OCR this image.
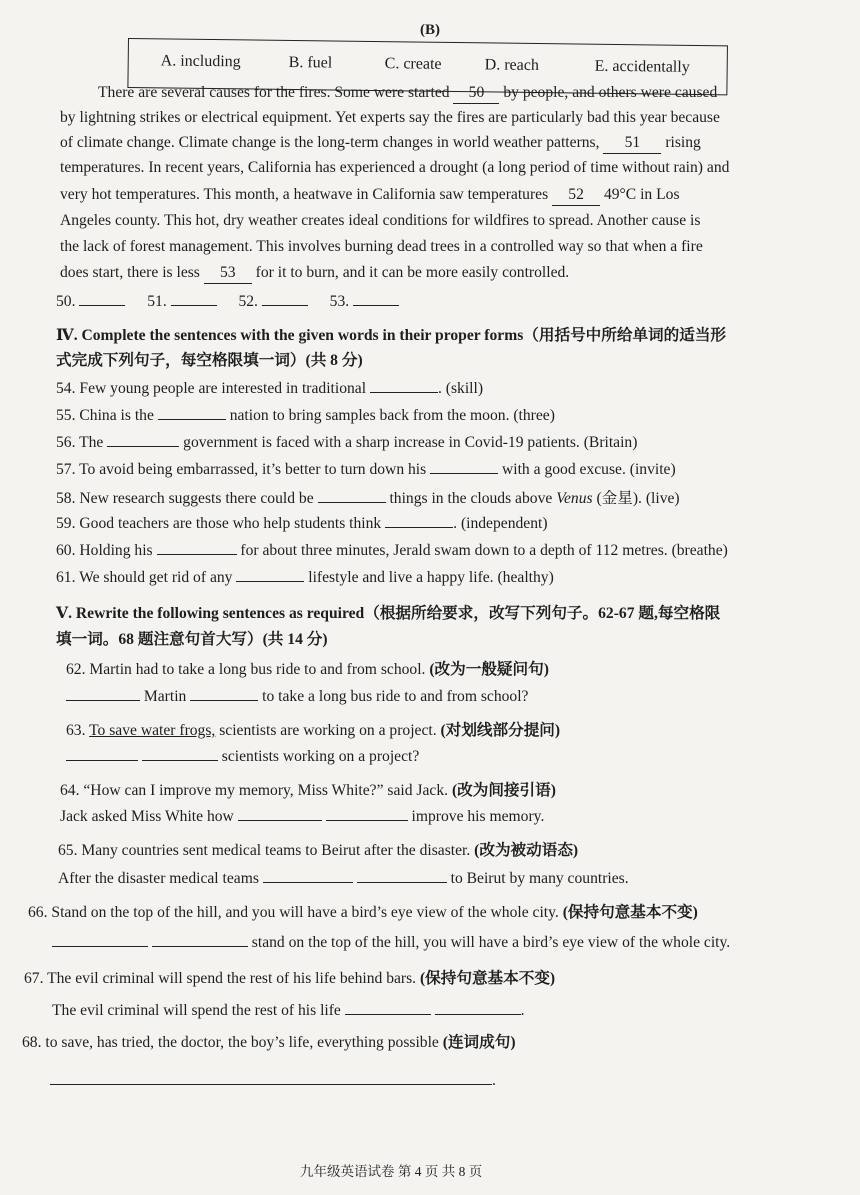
(B)
A. including	B. fuel	C. create	D. reach	E. accidentally
There are several causes for the fires. Some were started 50 by people, and others were caused
by lightning strikes or electrical equipment. Yet experts say the fires are particularly bad this year because
of climate change. Climate change is the long-term changes in world weather patterns, 51 rising
temperatures. In recent years, California has experienced a drought (a long period of time without rain) and
very hot temperatures. This month, a heatwave in California saw temperatures 52 49°C in Los
Angeles county. This hot, dry weather creates ideal conditions for wildfires to spread. Another cause is
the lack of forest management. This involves burning dead trees in a controlled way so that when a fire
does start, there is less 53 for it to burn, and it can be more easily controlled.
50.	51.	52.	53.
Ⅳ. Complete the sentences with the given words in their proper forms（用括号中所给单词的适当形
式完成下列句子，每空格限填一词）(共 8 分)
54. Few young people are interested in traditional	. (skill)
55. China is the	nation to bring samples back from the moon. (three)
56. The	government is faced with a sharp increase in Covid-19 patients. (Britain)
57. To avoid being embarrassed, it’s better to turn down his	with a good excuse. (invite)
58. New research suggests there could be	things in the clouds above Venus (金星). (live)
59. Good teachers are those who help students think	. (independent)
60. Holding his	for about three minutes, Jerald swam down to a depth of 112 metres. (breathe)
61. We should get rid of any	lifestyle and live a happy life. (healthy)
Ⅴ. Rewrite the following sentences as required（根据所给要求，改写下列句子。62-67 题,每空格限
填一词。68 题注意句首大写）(共 14 分)
62. Martin had to take a long bus ride to and from school. (改为一般疑问句)
Martin	to take a long bus ride to and from school?
63. To save water frogs, scientists are working on a project. (对划线部分提问)
scientists working on a project?
64. “How can I improve my memory, Miss White?” said Jack. (改为间接引语)
Jack asked Miss White how	improve his memory.
65. Many countries sent medical teams to Beirut after the disaster. (改为被动语态)
After the disaster medical teams	to Beirut by many countries.
66. Stand on the top of the hill, and you will have a bird’s eye view of the whole city. (保持句意基本不变)
stand on the top of the hill, you will have a bird’s eye view of the whole city.
67. The evil criminal will spend the rest of his life behind bars. (保持句意基本不变)
The evil criminal will spend the rest of his life	.
68. to save, has tried, the doctor, the boy’s life, everything possible (连词成句)
.
九年级英语试卷 第 4 页 共 8 页
